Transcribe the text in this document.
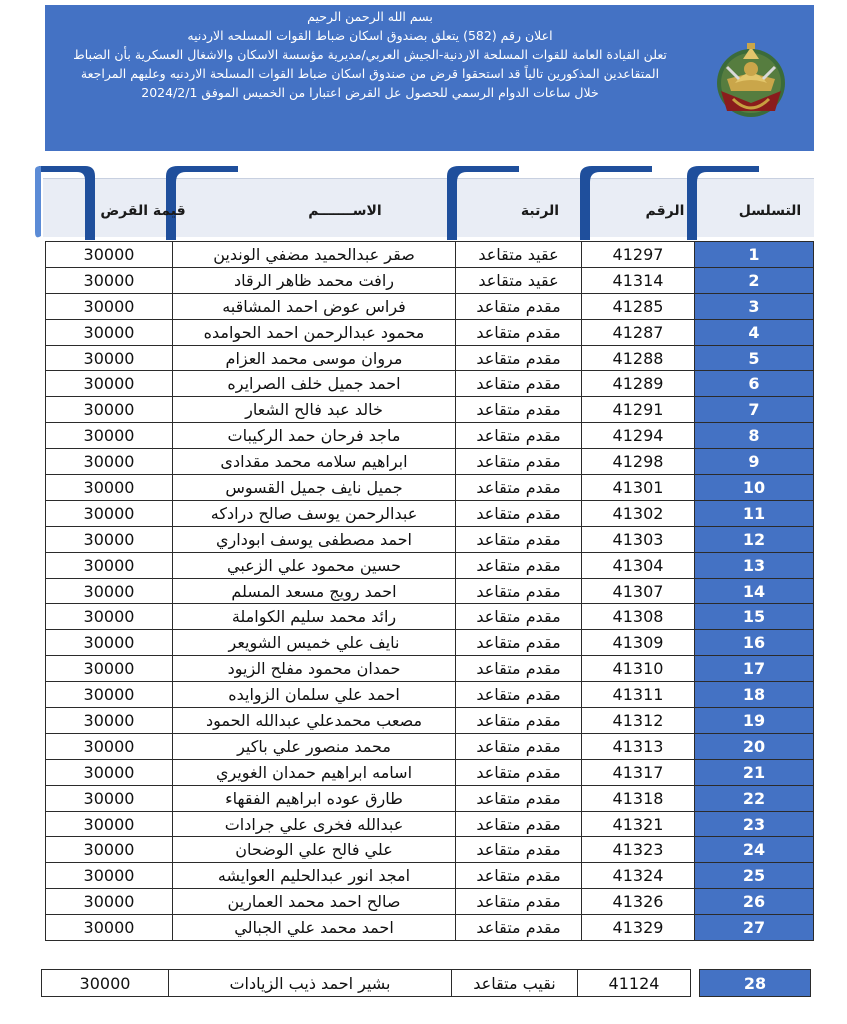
بسم الله الرحمن الرحيم
اعلان رقم (582) يتعلق بصندوق اسكان ضباط القوات المسلحه الاردنيه
تعلن القيادة العامة للقوات المسلحة الاردنية-الجيش العربي/مديرية مؤسسة الاسكان والاشغال العسكرية بأن الضباط
المتقاعدين المذكورين تالياً قد استحقوا قرض من صندوق اسكان ضباط القوات المسلحة الاردنيه وعليهم المراجعة
خلال ساعات الدوام الرسمي للحصول عل القرض اعتبارا من الخميس الموفق 2024/2/1
قيمة القرض	الاســـــــم	الرتبة	الرقم	التسلسل
30000	صقر عبدالحميد مضفي الوندين	عقيد متقاعد	41297	1
30000	رافت محمد ظاهر الرقاد	عقيد متقاعد	41314	2
30000	فراس عوض احمد المشاقبه	مقدم متقاعد	41285	3
30000	محمود عبدالرحمن احمد الحوامده	مقدم متقاعد	41287	4
30000	مروان موسى محمد العزام	مقدم متقاعد	41288	5
30000	احمد جميل خلف الصرايره	مقدم متقاعد	41289	6
30000	خالد عبد فالح الشعار	مقدم متقاعد	41291	7
30000	ماجد فرحان حمد الركيبات	مقدم متقاعد	41294	8
30000	ابراهيم سلامه محمد مقدادى	مقدم متقاعد	41298	9
30000	جميل نايف جميل القسوس	مقدم متقاعد	41301	10
30000	عبدالرحمن يوسف صالح درادكه	مقدم متقاعد	41302	11
30000	احمد مصطفى يوسف ابوداري	مقدم متقاعد	41303	12
30000	حسين محمود علي الزعبي	مقدم متقاعد	41304	13
30000	احمد رويج مسعد المسلم	مقدم متقاعد	41307	14
30000	رائد محمد سليم الكواملة	مقدم متقاعد	41308	15
30000	نايف علي خميس الشويعر	مقدم متقاعد	41309	16
30000	حمدان محمود مفلح الزيود	مقدم متقاعد	41310	17
30000	احمد علي سلمان الزوايده	مقدم متقاعد	41311	18
30000	مصعب محمدعلي عبدالله الحمود	مقدم متقاعد	41312	19
30000	محمد منصور علي باكير	مقدم متقاعد	41313	20
30000	اسامه ابراهيم حمدان الغويري	مقدم متقاعد	41317	21
30000	طارق عوده ابراهيم الفقهاء	مقدم متقاعد	41318	22
30000	عبدالله فخرى علي جرادات	مقدم متقاعد	41321	23
30000	علي فالح علي الوضحان	مقدم متقاعد	41323	24
30000	امجد انور عبدالحليم العوايشه	مقدم متقاعد	41324	25
30000	صالح احمد محمد العمارين	مقدم متقاعد	41326	26
30000	احمد محمد علي الجبالي	مقدم متقاعد	41329	27
30000	بشير احمد ذيب الزيادات	نقيب متقاعد	41124		28
